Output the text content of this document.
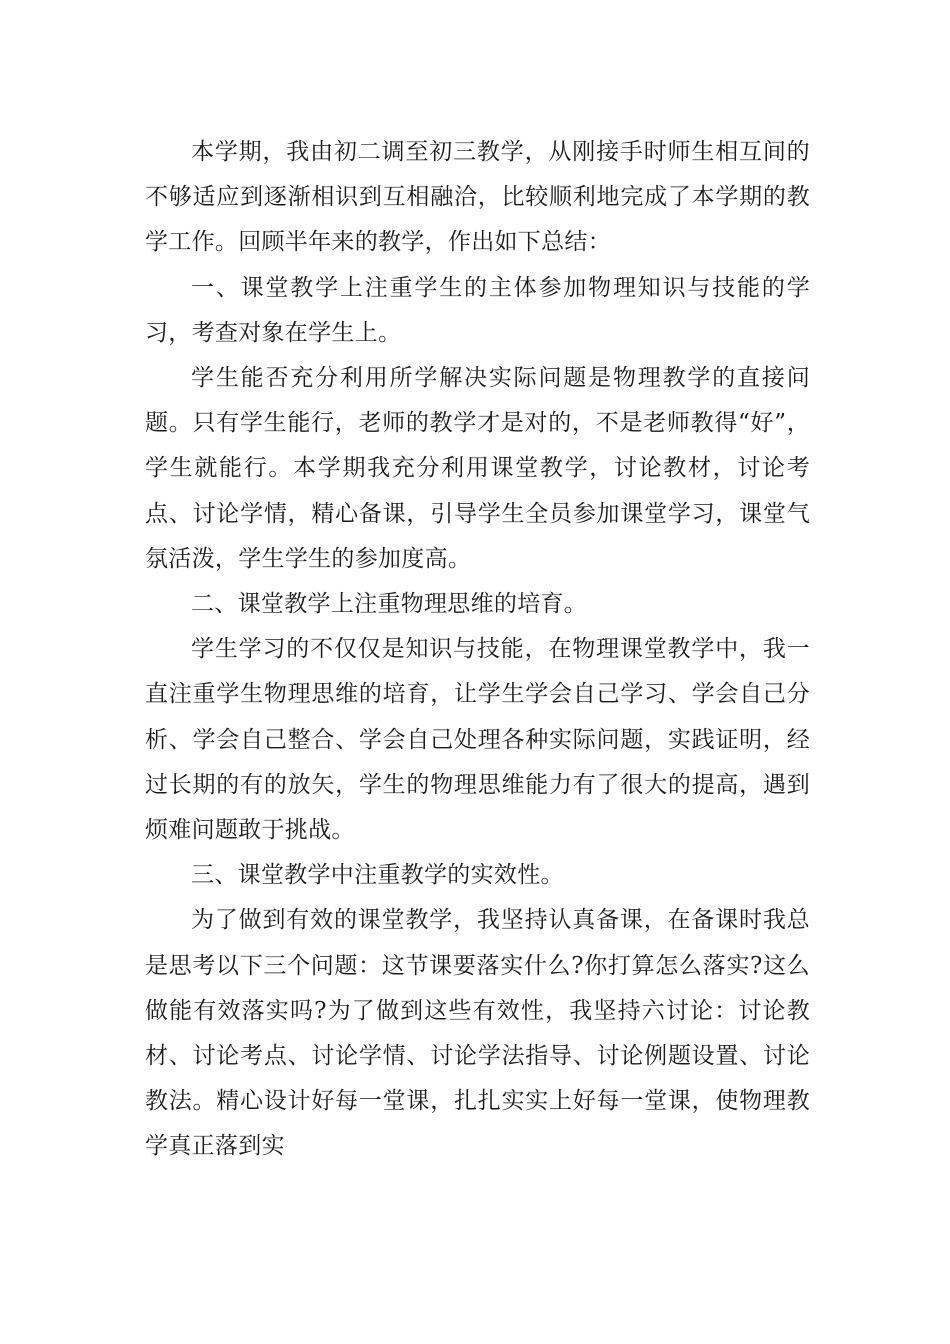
本学期，我由初二调至初三教学，从刚接手时师生相互间的不够适应到逐渐相识到互相融洽，比较顺利地完成了本学期的教学工作。回顾半年来的教学，作出如下总结：

一、课堂教学上注重学生的主体参加物理知识与技能的学习，考查对象在学生上。

学生能否充分利用所学解决实际问题是物理教学的直接问题。只有学生能行，老师的教学才是对的，不是老师教得“好”，学生就能行。本学期我充分利用课堂教学，讨论教材，讨论考点、讨论学情，精心备课，引导学生全员参加课堂学习，课堂气氛活泼，学生学生的参加度高。

二、课堂教学上注重物理思维的培育。

学生学习的不仅仅是知识与技能，在物理课堂教学中，我一直注重学生物理思维的培育，让学生学会自己学习、学会自己分析、学会自己整合、学会自己处理各种实际问题，实践证明，经过长期的有的放矢，学生的物理思维能力有了很大的提高，遇到烦难问题敢于挑战。

三、课堂教学中注重教学的实效性。

为了做到有效的课堂教学，我坚持认真备课，在备课时我总是思考以下三个问题：这节课要落实什么?你打算怎么落实?这么做能有效落实吗?为了做到这些有效性，我坚持六讨论：讨论教材、讨论考点、讨论学情、讨论学法指导、讨论例题设置、讨论教法。精心设计好每一堂课，扎扎实实上好每一堂课，使物理教学真正落到实
